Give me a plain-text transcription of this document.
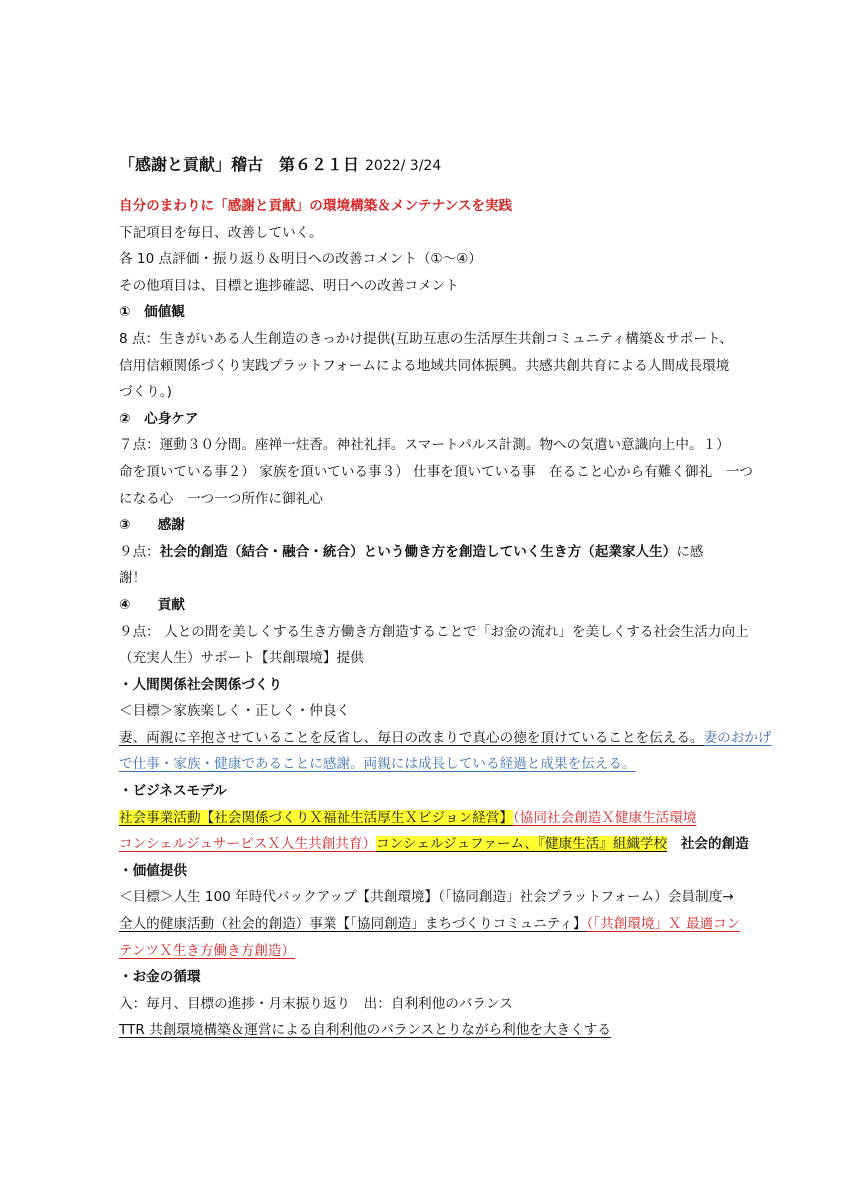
「感謝と貢献」稽古　第６２１日 2022/ 3/24
自分のまわりに「感謝と貢献」の環境構築＆メンテナンスを実践
下記項目を毎日、改善していく。
各 10 点評価・振り返り＆明日への改善コメント（①～④）
その他項目は、目標と進捗確認、明日への改善コメント
①　価値観
8 点：生きがいある人生創造のきっかけ提供(互助互恵の生活厚生共創コミュニティ構築＆サポート、
信用信頼関係づくり実践プラットフォームによる地域共同体振興。共感共創共育による人間成長環境
づくり。)
②　心身ケア
７点：運動３０分間。座禅一炷香。神社礼拝。スマートパルス計測。物への気遣い意識向上中。１）
命を頂いている事２） 家族を頂いている事３） 仕事を頂いている事　在ること心から有難く御礼　一つ
になる心　一つ一つ所作に御礼心
③　　感謝
９点：社会的創造（結合・融合・統合）という働き方を創造していく生き方（起業家人生）に感
謝！
④　　貢献
９点： 人との間を美しくする生き方働き方創造することで「お金の流れ」を美しくする社会生活力向上
（充実人生）サポート【共創環境】提供
・人間関係社会関係づくり
＜目標＞家族楽しく・正しく・仲良く
妻、両親に辛抱させていることを反省し、毎日の改まりで真心の徳を頂けていることを伝える。妻のおかげ
で仕事・家族・健康であることに感謝。両親には成長している経過と成果を伝える。
・ビジネスモデル
社会事業活動【社会関係づくりＸ福祉生活厚生Ｘビジョン経営】（協同社会創造Ｘ健康生活環境
コンシェルジュサービスＸ人生共創共育）コンシェルジュファーム、『健康生活』組織学校　 社会的創造
・価値提供
＜目標＞人生 100 年時代バックアップ【共創環境】（「協同創造」社会プラットフォーム）会員制度→
全人的健康活動（社会的創造）事業【「協同創造」まちづくりコミュニティ】（「共創環境」Ｘ 最適コン
テンツＸ生き方働き方創造）
・お金の循環
入：毎月、目標の進捗・月末振り返り　出：自利利他のバランス
TTR 共創環境構築＆運営による自利利他のバランスとりながら利他を大きくする
